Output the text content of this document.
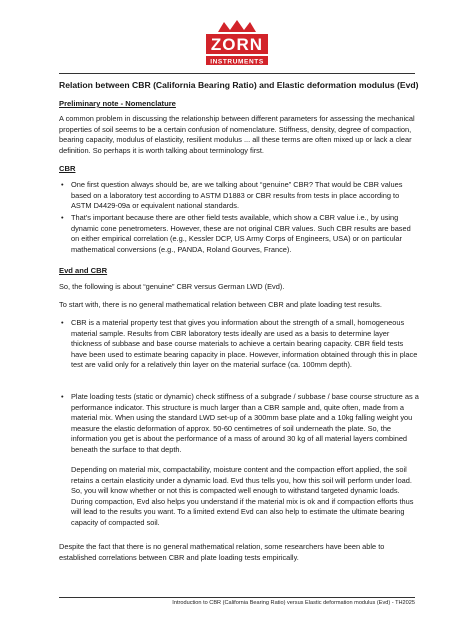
ZORN
INSTRUMENTS
Relation between CBR (California Bearing Ratio) and Elastic deformation modulus (Evd)
Preliminary note - Nomenclature

A common problem in discussing the relationship between different parameters for assessing the mechanical properties of soil seems to be a certain confusion of nomenclature. Stiffness, density, degree of compaction, bearing capacity, modulus of elasticity, resilient modulus ... all these terms are often mixed up or lack a clear definition. So perhaps it is worth talking about terminology first.

CBR
• One first question always should be, are we talking about “genuine” CBR? That would be CBR values based on a laboratory test according to ASTM D1883 or CBR results from tests in place according to ASTM D4429-09a or equivalent national standards.

• That’s important because there are other field tests available, which show a CBR value i.e., by using dynamic cone penetrometers. However, these are not original CBR values. Such CBR results are based on either empirical correlation (e.g., Kessler DCP, US Army Corps of Engineers, USA) or on particular mathematical conversions (e.g., PANDA, Roland Gourves, France).

Evd and CBR

So, the following is about “genuine” CBR versus German LWD (Evd).

To start with, there is no general mathematical relation between CBR and plate loading test results.

• CBR is a material property test that gives you information about the strength of a small, homogeneous material sample. Results from CBR laboratory tests ideally are used as a basis to determine layer thickness of subbase and base course materials to achieve a certain bearing capacity. CBR field tests have been used to estimate bearing capacity in place. However, information obtained through this in place test are valid only for a relatively thin layer on the material surface (ca. 100mm depth).

• Plate loading tests (static or dynamic) check stiffness of a subgrade / subbase / base course structure as a performance indicator. This structure is much larger than a CBR sample and, quite often, made from a material mix. When using the standard LWD set-up of a 300mm base plate and a 10kg falling weight you measure the elastic deformation of approx. 50-60 centimetres of soil underneath the plate. So, the information you get is about the performance of a mass of around 30 kg of all material layers combined beneath the surface to that depth.

Depending on material mix, compactability, moisture content and the compaction effort applied, the soil retains a certain elasticity under a dynamic load. Evd thus tells you, how this soil will perform under load. So, you will know whether or not this is compacted well enough to withstand targeted dynamic loads. During compaction, Evd also helps you understand if the material mix is ok and if compaction efforts thus will lead to the results you want. To a limited extend Evd can also help to estimate the ultimate bearing capacity of compacted soil.

Despite the fact that there is no general mathematical relation, some researchers have been able to established correlations between CBR and plate loading tests empirically.

Introduction to CBR (California Bearing Ratio) versus Elastic deformation modulus (Evd) - TH2025
